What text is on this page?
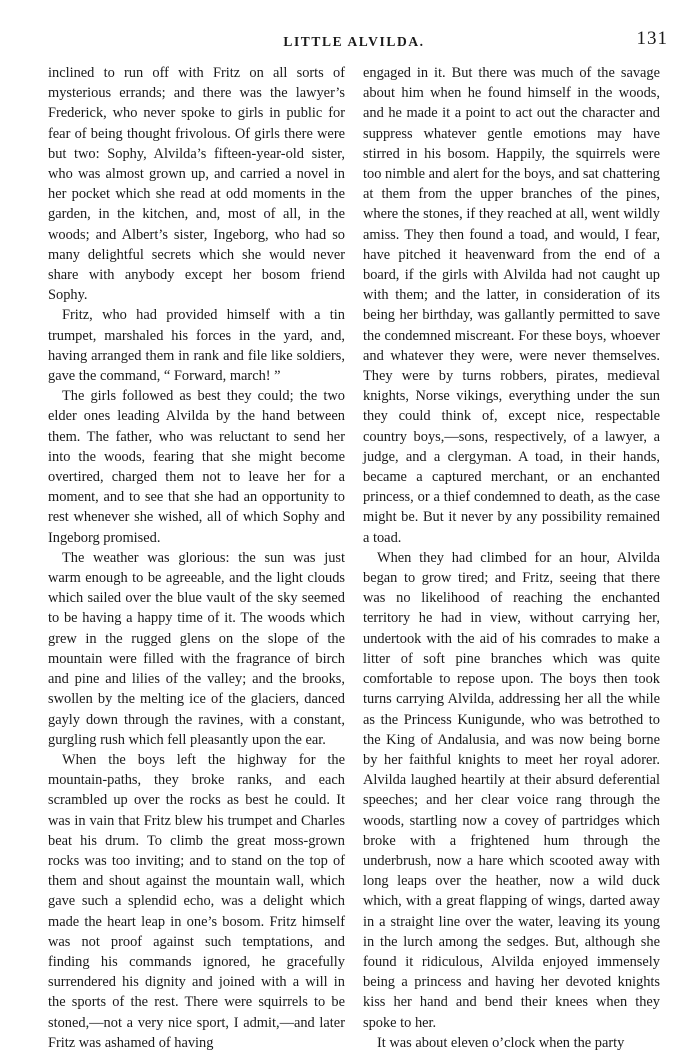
LITTLE ALVILDA.	131

inclined to run off with Fritz on all sorts of mysterious errands; and there was the lawyer’s Frederick, who never spoke to girls in public for fear of being thought frivolous. Of girls there were but two: Sophy, Alvilda’s fifteen-year-old sister, who was almost grown up, and carried a novel in her pocket which she read at odd moments in the garden, in the kitchen, and, most of all, in the woods; and Albert’s sister, Ingeborg, who had so many delightful secrets which she would never share with anybody except her bosom friend Sophy.

Fritz, who had provided himself with a tin trumpet, marshaled his forces in the yard, and, having arranged them in rank and file like soldiers, gave the command, “ Forward, march! ”

The girls followed as best they could; the two elder ones leading Alvilda by the hand between them. The father, who was reluctant to send her into the woods, fearing that she might become overtired, charged them not to leave her for a moment, and to see that she had an opportunity to rest whenever she wished, all of which Sophy and Ingeborg promised.

The weather was glorious: the sun was just warm enough to be agreeable, and the light clouds which sailed over the blue vault of the sky seemed to be having a happy time of it. The woods which grew in the rugged glens on the slope of the mountain were filled with the fragrance of birch and pine and lilies of the valley; and the brooks, swollen by the melting ice of the glaciers, danced gayly down through the ravines, with a constant, gurgling rush which fell pleasantly upon the ear.

When the boys left the highway for the mountain-paths, they broke ranks, and each scrambled up over the rocks as best he could. It was in vain that Fritz blew his trumpet and Charles beat his drum. To climb the great moss-grown rocks was too inviting; and to stand on the top of them and shout against the mountain wall, which gave such a splendid echo, was a delight which made the heart leap in one’s bosom. Fritz himself was not proof against such temptations, and finding his commands ignored, he gracefully surrendered his dignity and joined with a will in the sports of the rest. There were squirrels to be stoned,—not a very nice sport, I admit,—and later Fritz was ashamed of having

engaged in it. But there was much of the savage about him when he found himself in the woods, and he made it a point to act out the character and suppress whatever gentle emotions may have stirred in his bosom. Happily, the squirrels were too nimble and alert for the boys, and sat chattering at them from the upper branches of the pines, where the stones, if they reached at all, went wildly amiss. They then found a toad, and would, I fear, have pitched it heavenward from the end of a board, if the girls with Alvilda had not caught up with them; and the latter, in consideration of its being her birthday, was gallantly permitted to save the condemned miscreant. For these boys, whoever and whatever they were, were never themselves. They were by turns robbers, pirates, medieval knights, Norse vikings, everything under the sun they could think of, except nice, respectable country boys,—sons, respectively, of a lawyer, a judge, and a clergyman. A toad, in their hands, became a captured merchant, or an enchanted princess, or a thief condemned to death, as the case might be. But it never by any possibility remained a toad.

When they had climbed for an hour, Alvilda began to grow tired; and Fritz, seeing that there was no likelihood of reaching the enchanted territory he had in view, without carrying her, undertook with the aid of his comrades to make a litter of soft pine branches which was quite comfortable to repose upon. The boys then took turns carrying Alvilda, addressing her all the while as the Princess Kunigunde, who was betrothed to the King of Andalusia, and was now being borne by her faithful knights to meet her royal adorer. Alvilda laughed heartily at their absurd deferential speeches; and her clear voice rang through the woods, startling now a covey of partridges which broke with a frightened hum through the underbrush, now a hare which scooted away with long leaps over the heather, now a wild duck which, with a great flapping of wings, darted away in a straight line over the water, leaving its young in the lurch among the sedges. But, although she found it ridiculous, Alvilda enjoyed immensely being a princess and having her devoted knights kiss her hand and bend their knees when they spoke to her.

It was about eleven o’clock when the party
